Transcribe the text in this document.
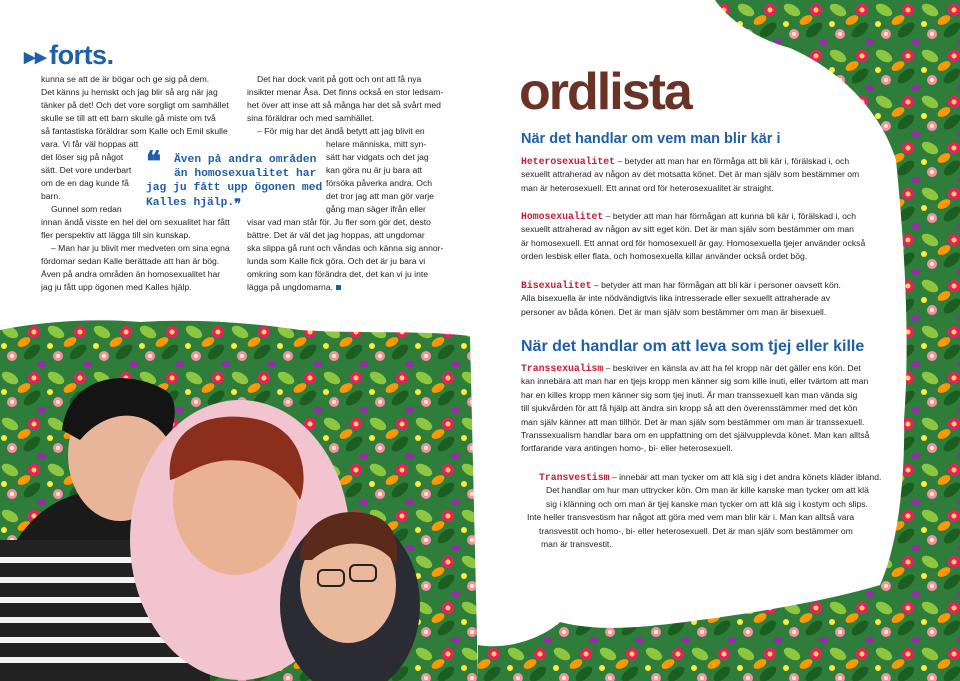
▶▶ forts.
kunna se att de är bögar och ge sig på dem.
Det känns ju hemskt och jag blir så arg när jag
tänker på det! Och det vore sorgligt om samhället
skulle se till att ett barn skulle gå miste om två
så fantastiska föräldrar som Kalle och Emil skulle
vara. Vi får väl hoppas att
det löser sig på något
sätt. Det vore underbart
om de en dag kunde få
barn.
Gunnel som redan
innan ändå visste en hel del om sexualitet har fått
fler perspektiv att lägga till sin kunskap.
– Man har ju blivit mer medveten om sina egna
fördomar sedan Kalle berättade att han är bög.
Även på andra områden än homosexualitet har
jag ju fått upp ögonen med Kalles hjälp.
Det har dock varit på gott och ont att få nya
insikter menar Åsa. Det finns också en stor ledsam-
het över att inse att så många har det så svårt med
sina föräldrar och med samhället.
– För mig har det ändå betytt att jag blivit en
helare människa, mitt syn-
sätt har vidgats och det jag
kan göra nu är ju bara att
försöka påverka andra. Och
det tror jag att man gör varje
gång man säger ifrån eller
visar vad man står för. Ju fler som gör det, desto
bättre. Det är väl det jag hoppas, att ungdomar
ska slippa gå runt och våndas och känna sig annor-
lunda som Kalle fick göra. Och det är ju bara vi
omkring som kan förändra det, det kan vi ju inte
lägga på ungdomarna.
❝	Även på andra områden
än homosexualitet har
jag ju fått upp ögonen med
Kalles hjälp.❞
ordlista
När det handlar om vem man blir kär i
Heterosexualitet – betyder att man har en förmåga att bli kär i, förälskad i, och
sexuellt attraherad av någon av det motsatta könet. Det är man själv som bestämmer om
man är heterosexuell. Ett annat ord för heterosexualitet är straight.
Homosexualitet – betyder att man har förmågan att kunna bli kär i, förälskad i, och
sexuellt attraherad av någon av sitt eget kön. Det är man själv som bestämmer om man
är homosexuell. Ett annat ord för homosexuell är gay. Homosexuella tjejer använder också
orden lesbisk eller flata, och homosexuella killar använder också ordet bög.
Bisexualitet – betyder att man har förmågan att bli kär i personer oavsett kön.
Alla bisexuella är inte nödvändigtvis lika intresserade eller sexuellt attraherade av
personer av båda könen. Det är man själv som bestämmer om man är bisexuell.
När det handlar om att leva som tjej eller kille
Transsexualism – beskriver en känsla av att ha fel kropp när det gäller ens kön. Det
kan innebära att man har en tjejs kropp men känner sig som kille inuti, eller tvärtom att man
har en killes kropp men känner sig som tjej inuti. Är man transsexuell kan man vända sig
till sjukvården för att få hjälp att ändra sin kropp så att den överensstämmer med det kön
man själv känner att man tillhör. Det är man själv som bestämmer om man är transsexuell.
Transsexualism handlar bara om en uppfattning om det självupplevda könet. Man kan alltså
fortfarande vara antingen homo-, bi- eller heterosexuell.
Transvestism – innebär att man tycker om att klä sig i det andra könets kläder ibland.
Det handlar om hur man uttrycker kön. Om man är kille kanske man tycker om att klä
sig i klänning och om man är tjej kanske man tycker om att klä sig i kostym och slips.
Inte heller transvestism har något att göra med vem man blir kär i. Man kan alltså vara
transvestit och homo-, bi- eller heterosexuell. Det är man själv som bestämmer om
man är transvestit.
